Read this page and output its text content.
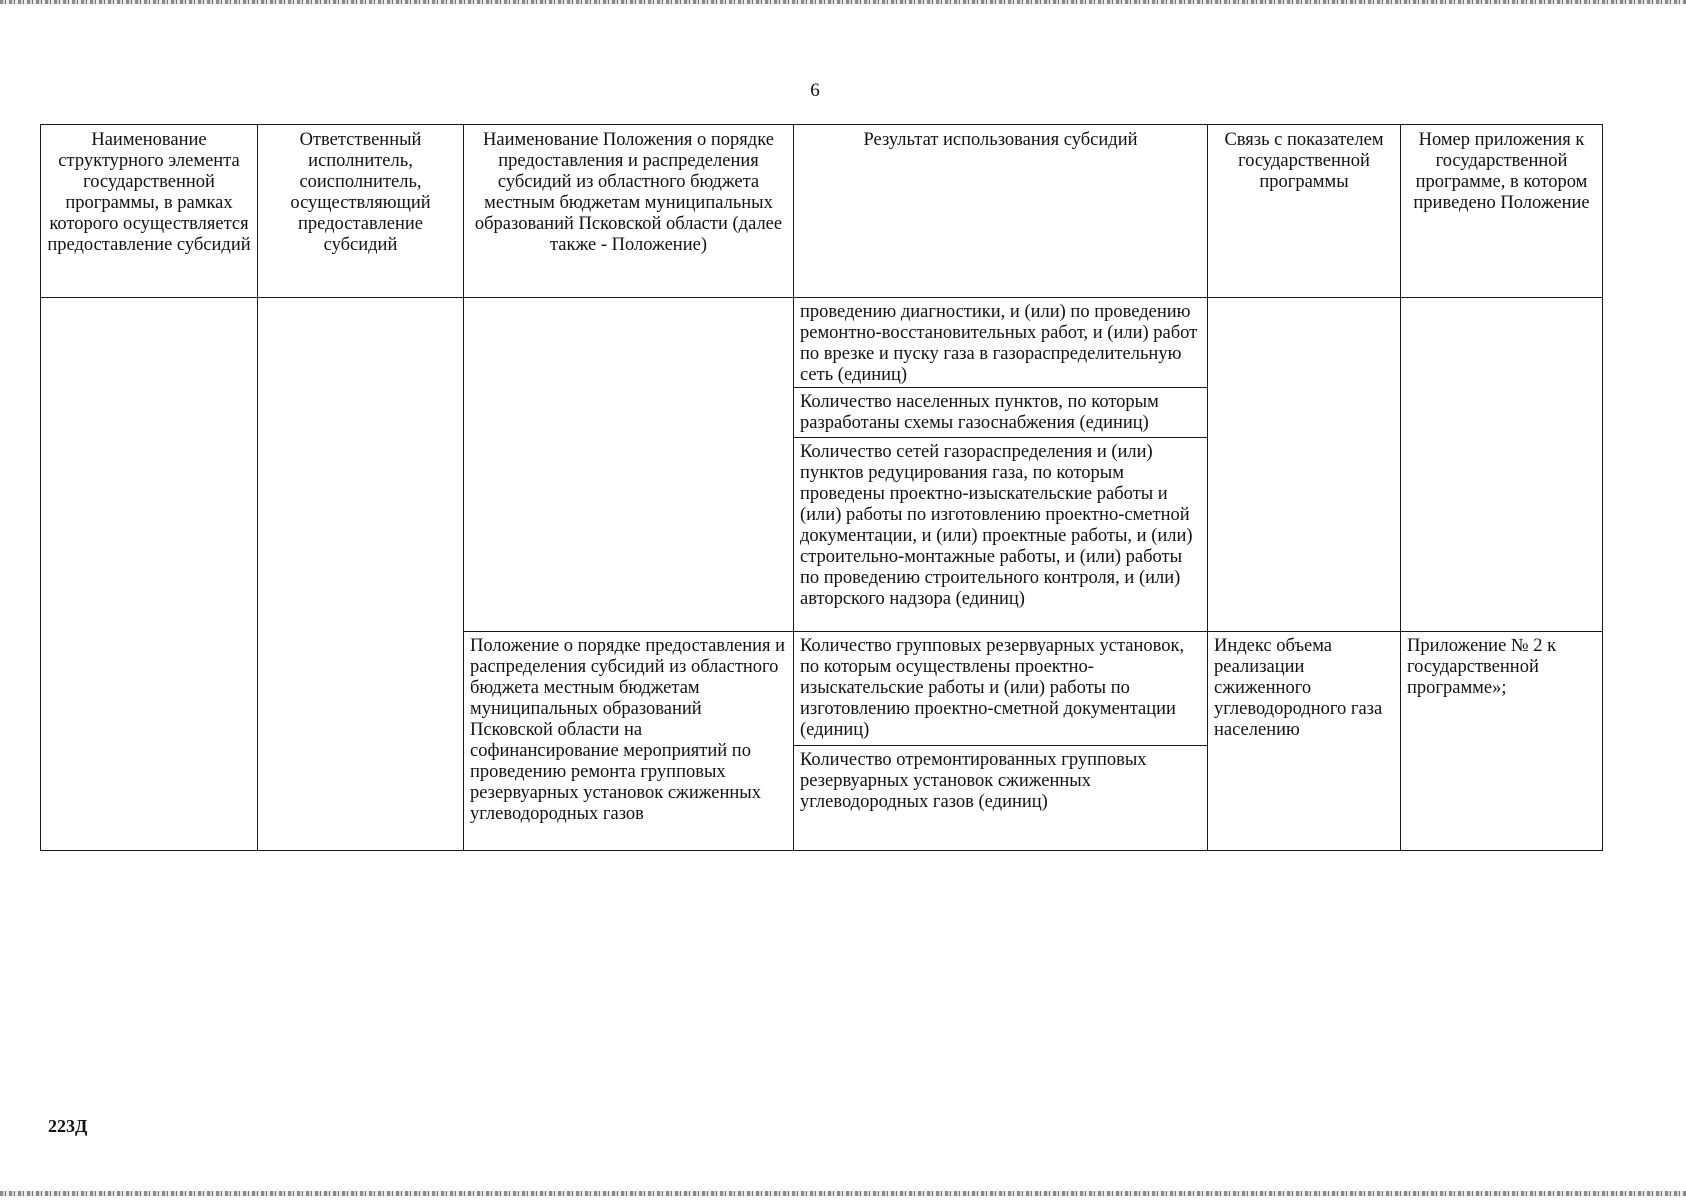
6
Наименование структурного элемента государственной программы, в рамках которого осуществляется предоставление субсидий	Ответственный исполнитель, соисполнитель, осуществляющий предоставление субсидий	Наименование Положения о порядке предоставления и распределения субсидий из областного бюджета местным бюджетам муниципальных образований Псковской области (далее также - Положение)	Результат использования субсидий	Связь с показателем государственной программы	Номер приложения к государственной программе, в котором приведено Положение
			проведению диагностики, и (или) по проведению ремонтно-восстановительных работ, и (или) работ по врезке и пуску газа в газораспределительную сеть (единиц)		
			Количество населенных пунктов, по которым разработаны схемы газоснабжения (единиц)		
			Количество сетей газораспределения и (или) пунктов редуцирования газа, по которым проведены проектно-изыскательские работы и (или) работы по изготовлению проектно-сметной документации, и (или) проектные работы, и (или) строительно-монтажные работы, и (или) работы по проведению строительного контроля, и (или) авторского надзора (единиц)		
		Положение о порядке предоставления и распределения субсидий из областного бюджета местным бюджетам муниципальных образований Псковской области на софинансирование мероприятий по проведению ремонта групповых резервуарных установок сжиженных углеводородных газов	Количество групповых резервуарных установок, по которым осуществлены проектно-изыскательские работы и (или) работы по изготовлению проектно-сметной документации (единиц)	Индекс объема реализации сжиженного углеводородного газа населению	Приложение № 2 к государственной программе»;
			Количество отремонтированных групповых резервуарных установок сжиженных углеводородных газов (единиц)		
223Д
